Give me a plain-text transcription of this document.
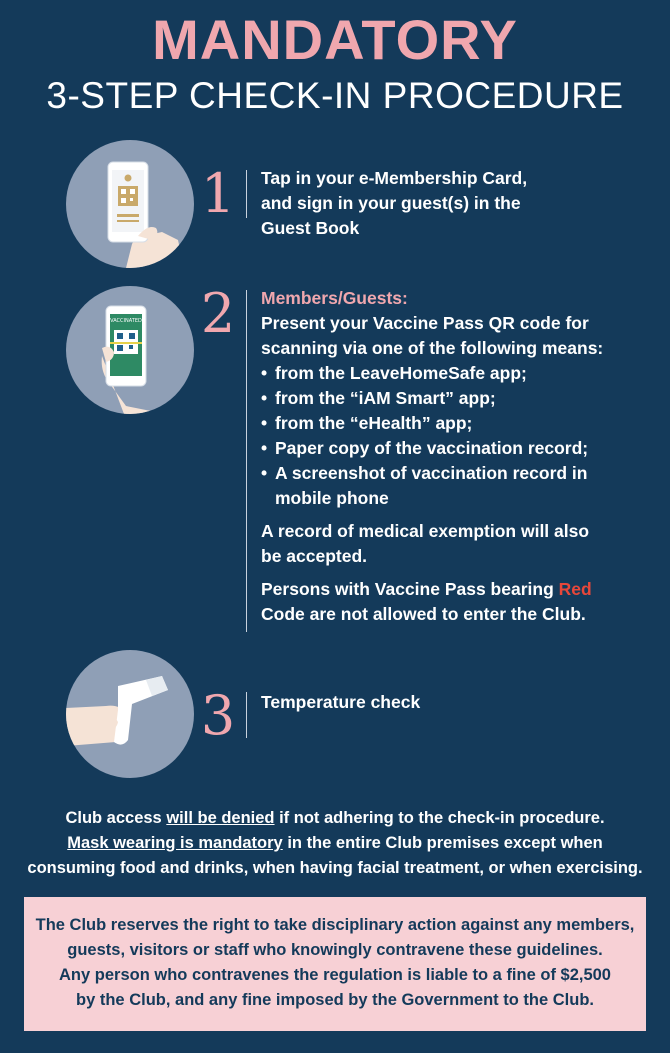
MANDATORY
3-STEP CHECK-IN PROCEDURE
1 Tap in your e-Membership Card,
and sign in your guest(s) in the
Guest Book
VACCINATED 2 Members/Guests:
Present your Vaccine Pass QR code for
scanning via one of the following means:
• from the LeaveHomeSafe app;
• from the “iAM Smart” app;
• from the “eHealth” app;
• Paper copy of the vaccination record;
• A screenshot of vaccination record in mobile phone
A record of medical exemption will also
be accepted.
Persons with Vaccine Pass bearing Red
Code are not allowed to enter the Club.
3 Temperature check
Club access will be denied if not adhering to the check-in procedure.
Mask wearing is mandatory in the entire Club premises except when
consuming food and drinks, when having facial treatment, or when exercising.
The Club reserves the right to take disciplinary action against any members,
guests, visitors or staff who knowingly contravene these guidelines.
Any person who contravenes the regulation is liable to a fine of $2,500
by the Club, and any fine imposed by the Government to the Club.
